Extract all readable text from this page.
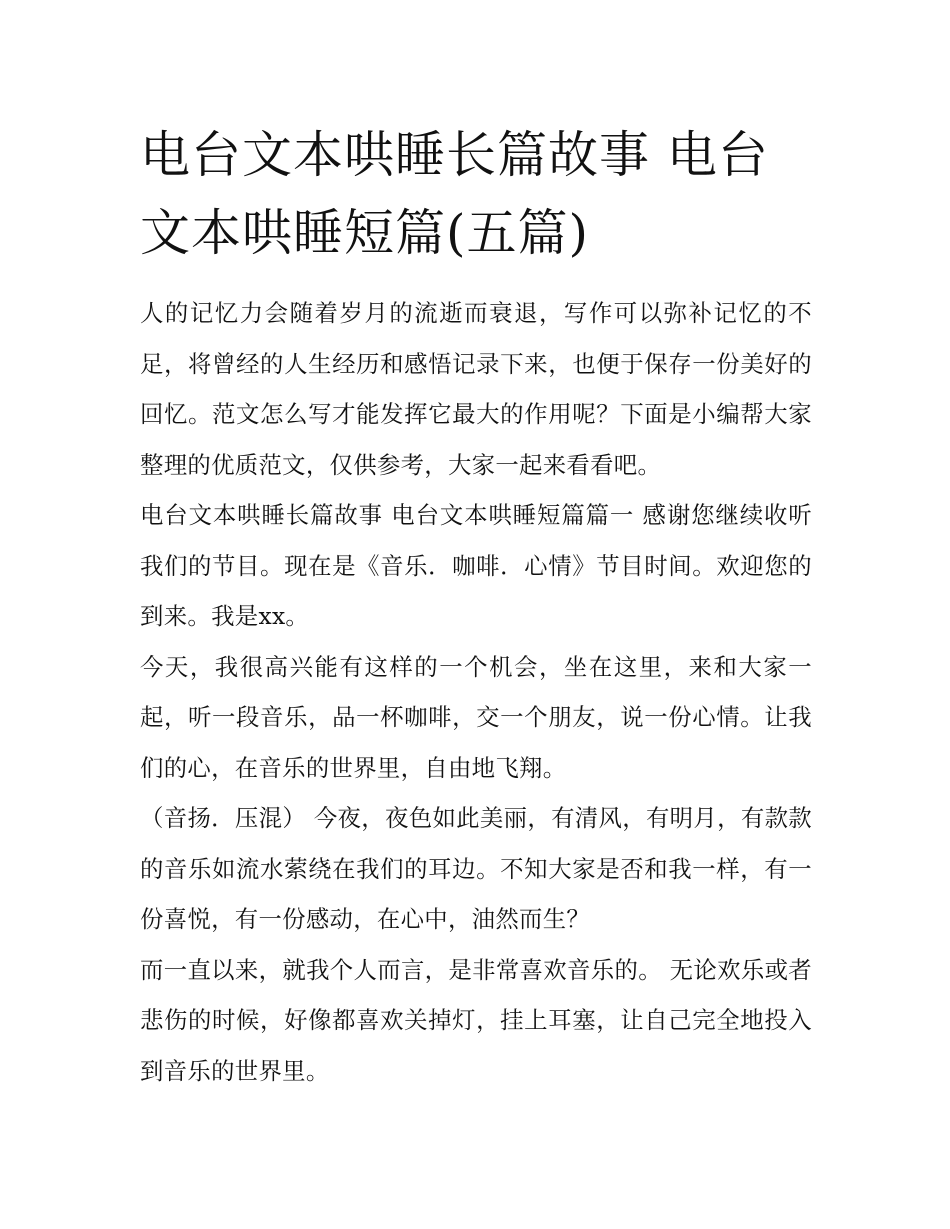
电台文本哄睡长篇故事 电台文本哄睡短篇(五篇)

人的记忆力会随着岁月的流逝而衰退，写作可以弥补记忆的不足，将曾经的人生经历和感悟记录下来，也便于保存一份美好的回忆。范文怎么写才能发挥它最大的作用呢？下面是小编帮大家整理的优质范文，仅供参考，大家一起来看看吧。

电台文本哄睡长篇故事 电台文本哄睡短篇篇一 感谢您继续收听我们的节目。现在是《音乐．咖啡．心情》节目时间。欢迎您的到来。我是xx。

今天，我很高兴能有这样的一个机会，坐在这里，来和大家一起，听一段音乐，品一杯咖啡，交一个朋友，说一份心情。让我们的心，在音乐的世界里，自由地飞翔。

（音扬．压混） 今夜，夜色如此美丽，有清风，有明月，有款款的音乐如流水萦绕在我们的耳边。不知大家是否和我一样，有一份喜悦，有一份感动，在心中，油然而生？

而一直以来，就我个人而言，是非常喜欢音乐的。 无论欢乐或者悲伤的时候，好像都喜欢关掉灯，挂上耳塞，让自己完全地投入到音乐的世界里。
